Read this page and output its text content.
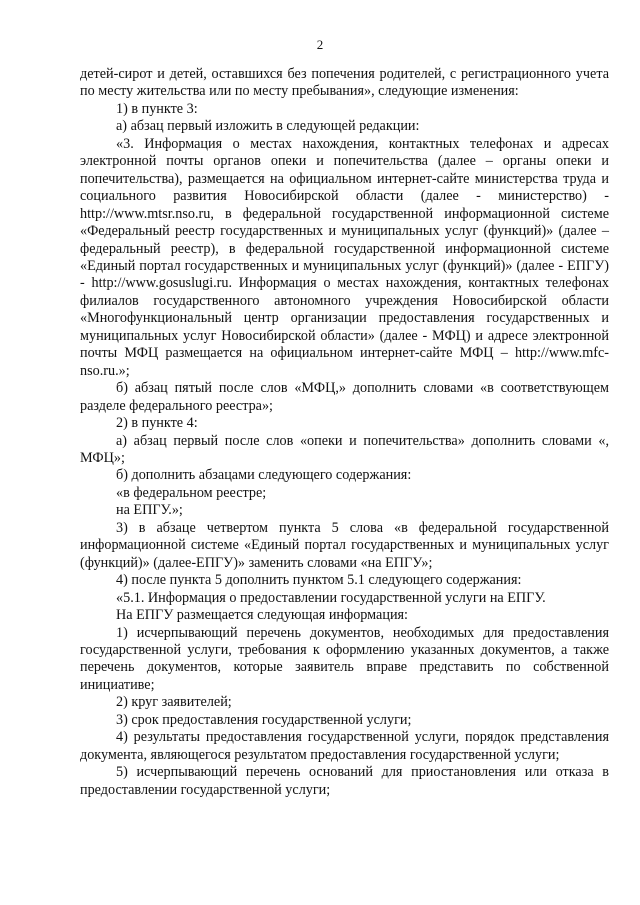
2

детей-сирот и детей, оставшихся без попечения родителей, с регистрационного учета по месту жительства или по месту пребывания», следующие изменения:

1) в пункте 3:

а) абзац первый изложить в следующей редакции:

«3. Информация о местах нахождения, контактных телефонах и адресах электронной почты органов опеки и попечительства (далее – органы опеки и попечительства), размещается на официальном интернет-сайте министерства труда и социального развития Новосибирской области (далее - министерство) - http://www.mtsr.nso.ru, в федеральной государственной информационной системе «Федеральный реестр государственных и муниципальных услуг (функций)» (далее – федеральный реестр), в федеральной государственной информационной системе «Единый портал государственных и муниципальных услуг (функций)» (далее - ЕПГУ) - http://www.gosuslugi.ru. Информация о местах нахождения, контактных телефонах филиалов государственного автономного учреждения Новосибирской области «Многофункциональный центр организации предоставления государственных и муниципальных услуг Новосибирской области» (далее - МФЦ) и адресе электронной почты МФЦ размещается на официальном интернет-сайте МФЦ – http://www.mfc-nso.ru.»;

б) абзац пятый после слов «МФЦ,» дополнить словами «в соответствующем разделе федерального реестра»;

2) в пункте 4:

а) абзац первый после слов «опеки и попечительства» дополнить словами «, МФЦ»;

б) дополнить абзацами следующего содержания:

«в федеральном реестре;

на ЕПГУ.»;

3) в абзаце четвертом пункта 5 слова «в федеральной государственной информационной системе «Единый портал государственных и муниципальных услуг (функций)» (далее-ЕПГУ)» заменить словами «на ЕПГУ»;

4) после пункта 5 дополнить пунктом 5.1 следующего содержания:

«5.1. Информация о предоставлении государственной услуги на ЕПГУ.

На ЕПГУ размещается следующая информация:

1) исчерпывающий перечень документов, необходимых для предоставления государственной услуги, требования к оформлению указанных документов, а также перечень документов, которые заявитель вправе представить по собственной инициативе;

2) круг заявителей;

3) срок предоставления государственной услуги;

4) результаты предоставления государственной услуги, порядок представления документа, являющегося результатом предоставления государственной услуги;

5) исчерпывающий перечень оснований для приостановления или отказа в предоставлении государственной услуги;
